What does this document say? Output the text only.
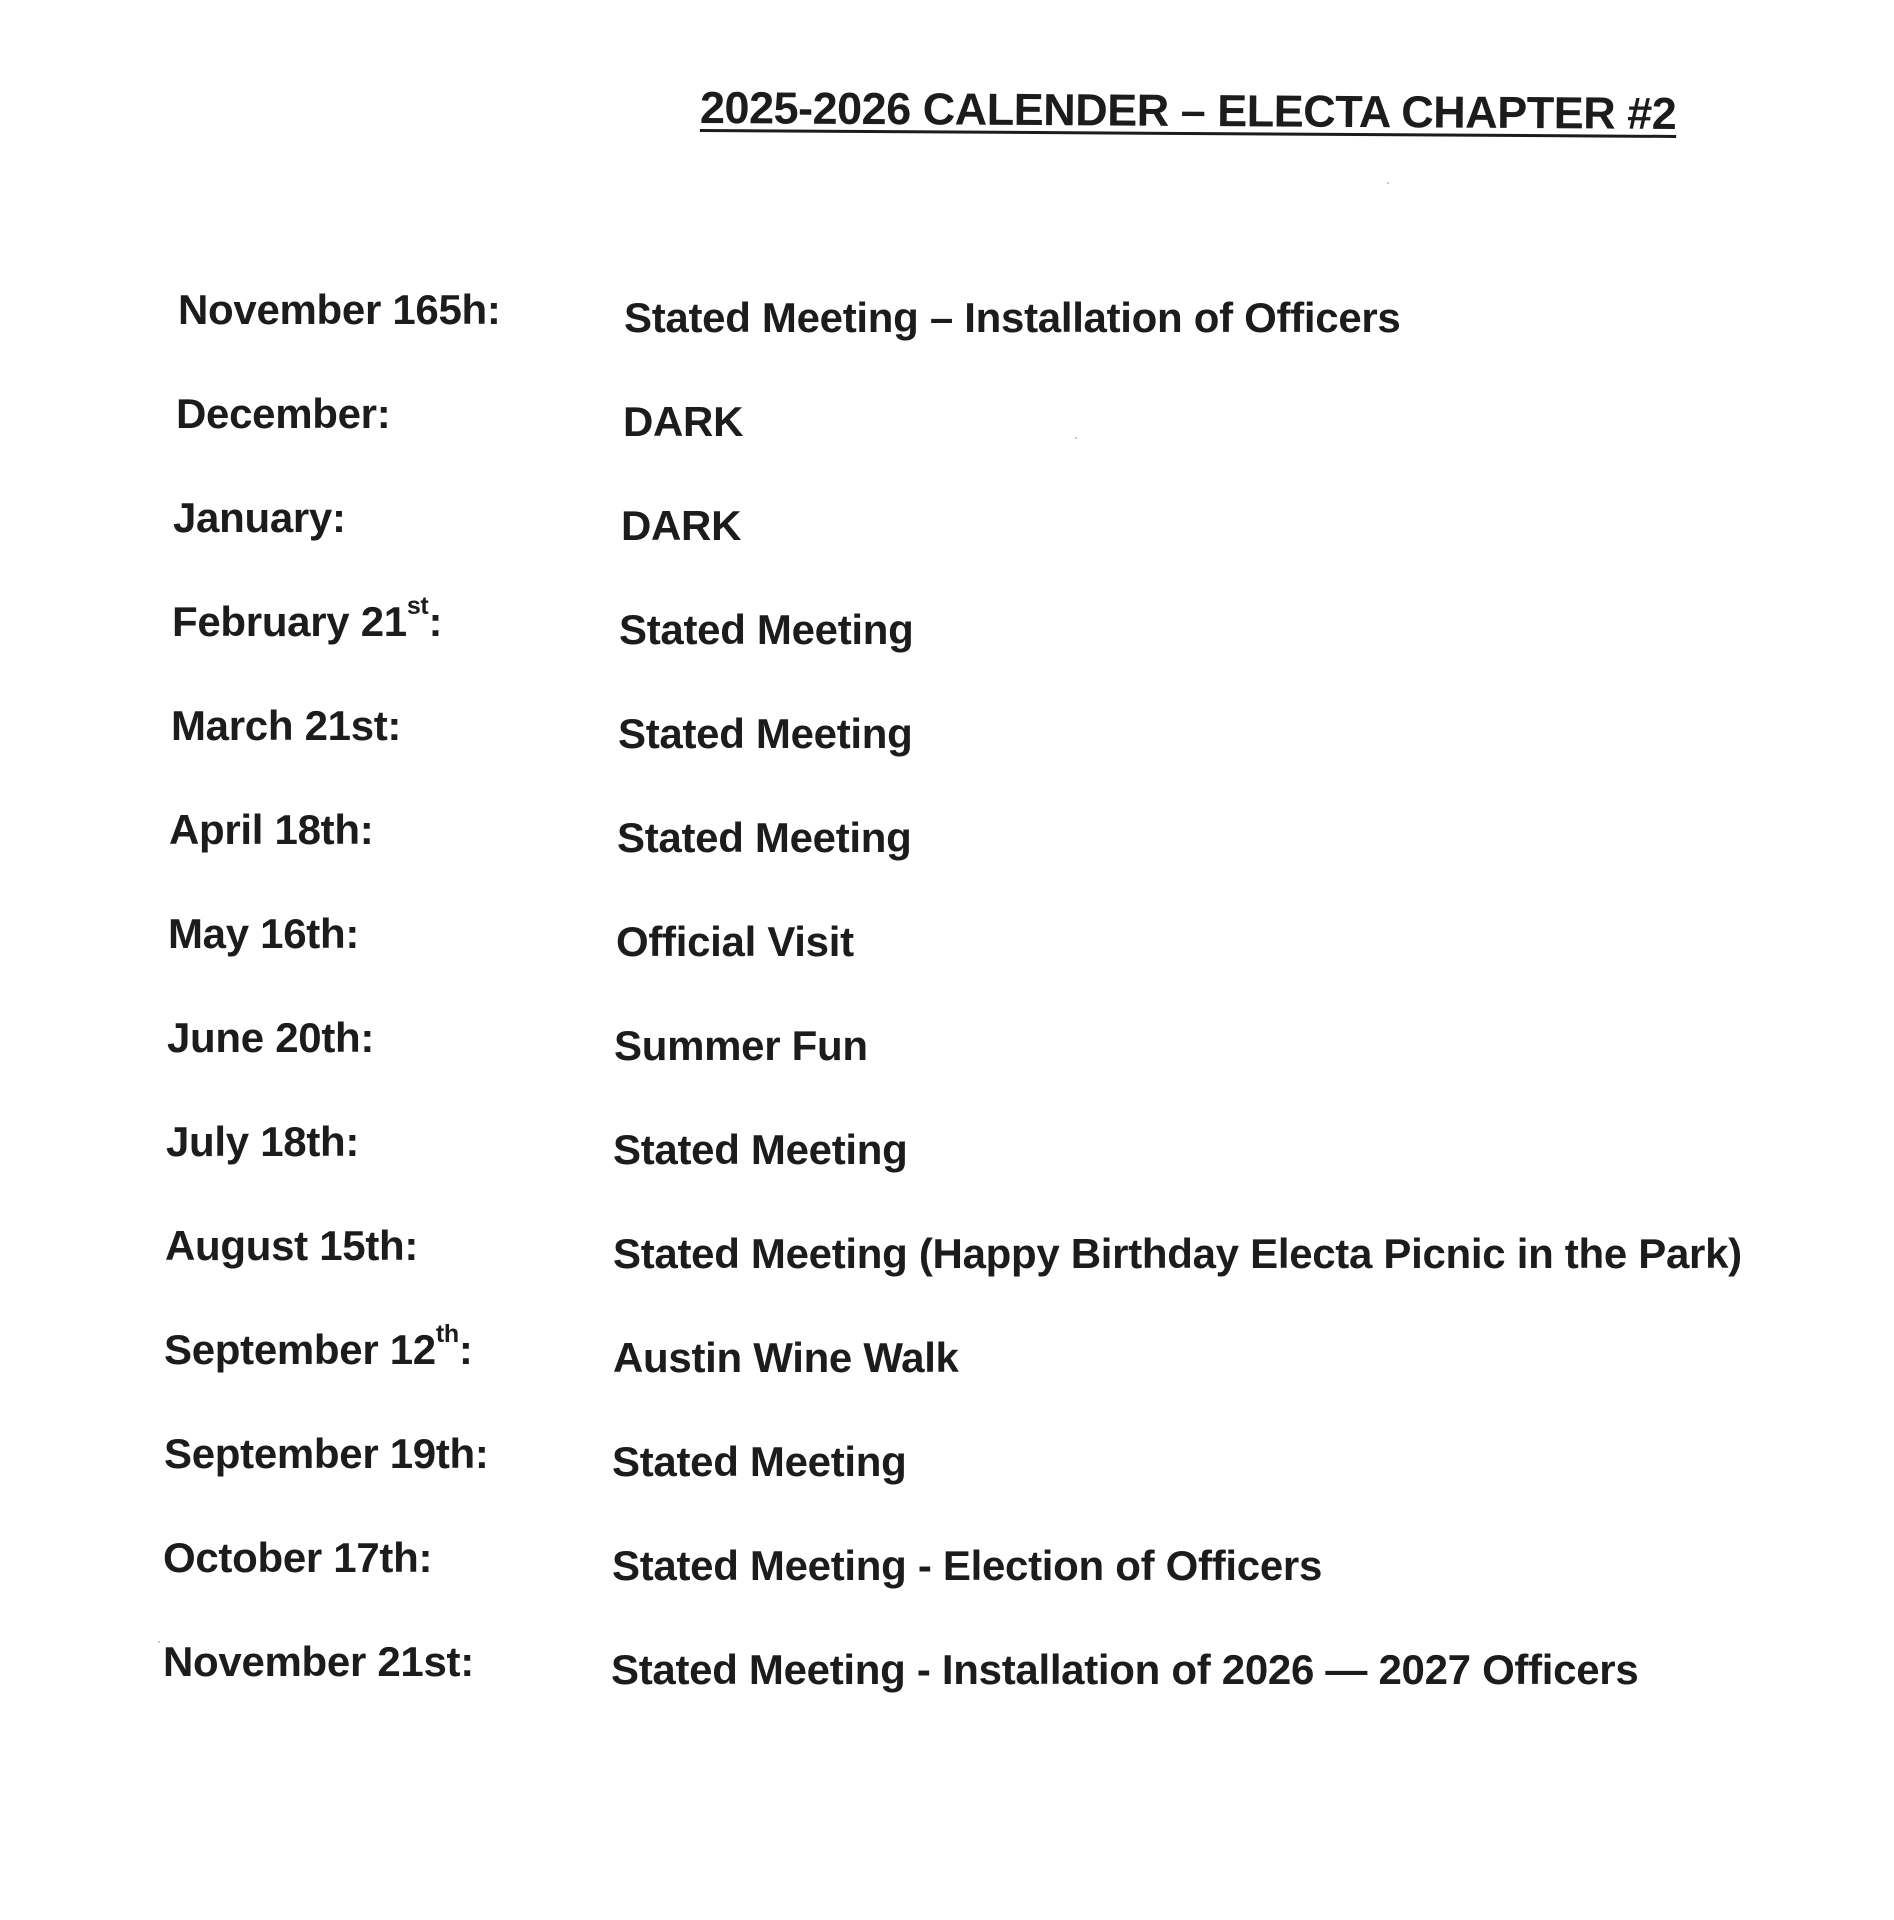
2025-2026 CALENDER – ELECTA CHAPTER #2
November 165h:	Stated Meeting – Installation of Officers
December:	DARK
January:	DARK
February 21st:	Stated Meeting
March 21st:	Stated Meeting
April 18th:	Stated Meeting
May 16th:	Official Visit
June 20th:	Summer Fun
July 18th:	Stated Meeting
August 15th:	Stated Meeting (Happy Birthday Electa Picnic in the Park)
September 12th:	Austin Wine Walk
September 19th:	Stated Meeting
October 17th:	Stated Meeting - Election of Officers
November 21st:	Stated Meeting - Installation of 2026 — 2027 Officers
